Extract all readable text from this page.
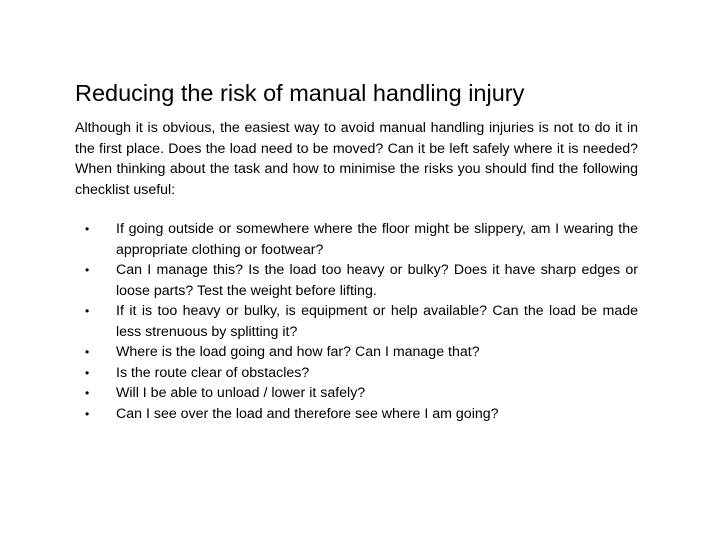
Reducing the risk of manual handling injury
Although it is obvious, the easiest way to avoid manual handling injuries is not to do it in the first place. Does the load need to be moved? Can it be left safely where it is needed? When thinking about the task and how to minimise the risks you should find the following checklist useful:
•	If going outside or somewhere where the floor might be slippery, am I wearing the appropriate clothing or footwear?
•	Can I manage this? Is the load too heavy or bulky? Does it have sharp edges or loose parts? Test the weight before lifting.
•	If it is too heavy or bulky, is equipment or help available? Can the load be made less strenuous by splitting it?
•	Where is the load going and how far? Can I manage that?
•	Is the route clear of obstacles?
•	Will I be able to unload / lower it safely?
•	Can I see over the load and therefore see where I am going?
